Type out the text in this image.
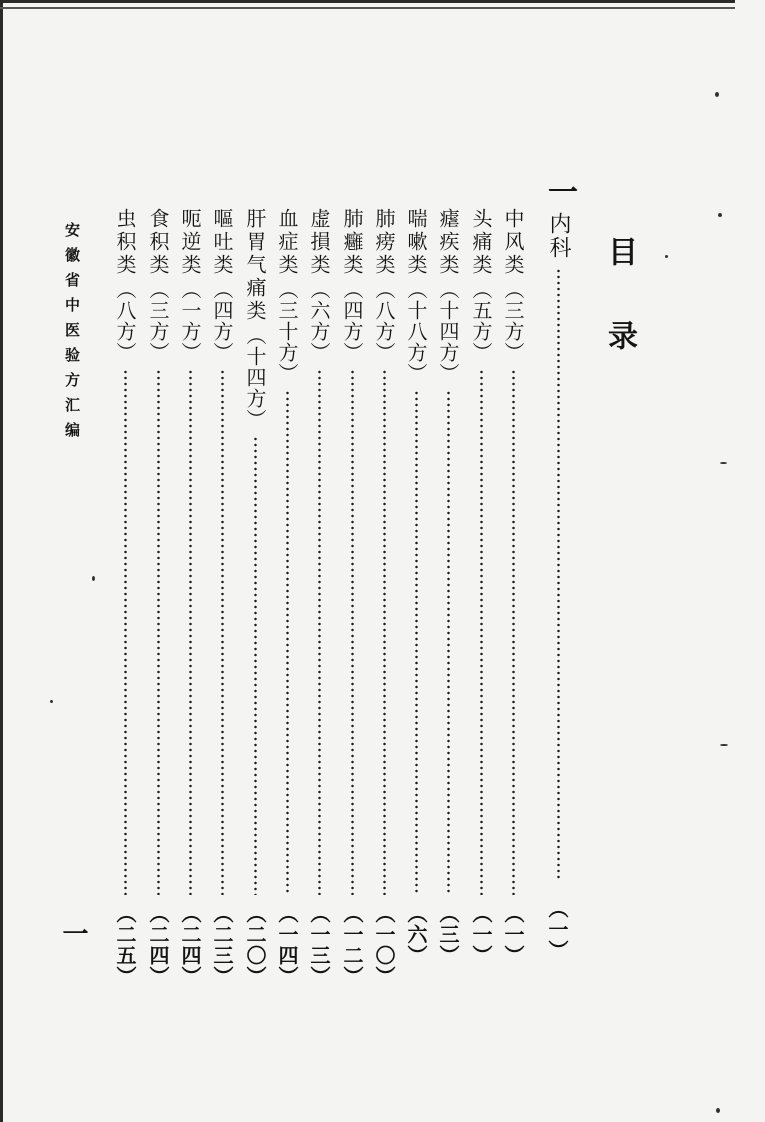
目
录
一
内科
（一）
中风类
（三方）
（一）
头痛类
（五方）
（一）
瘧疾类
（十四方）
（三）
喘嗽类
（十八方）
（六）
肺痨类
（八方）
（一〇）
肺癰类
（四方）
（一二）
虚損类
（六方）
（一三）
血症类
（三十方）
（一四）
肝胃气痛类
（十四方）
（二〇）
嘔吐类
（四方）
（二三）
呃逆类
（一方）
（二四）
食积类
（三方）
（二四）
虫积类
（八方）
（二五）
安徽省中医验方汇编
一
